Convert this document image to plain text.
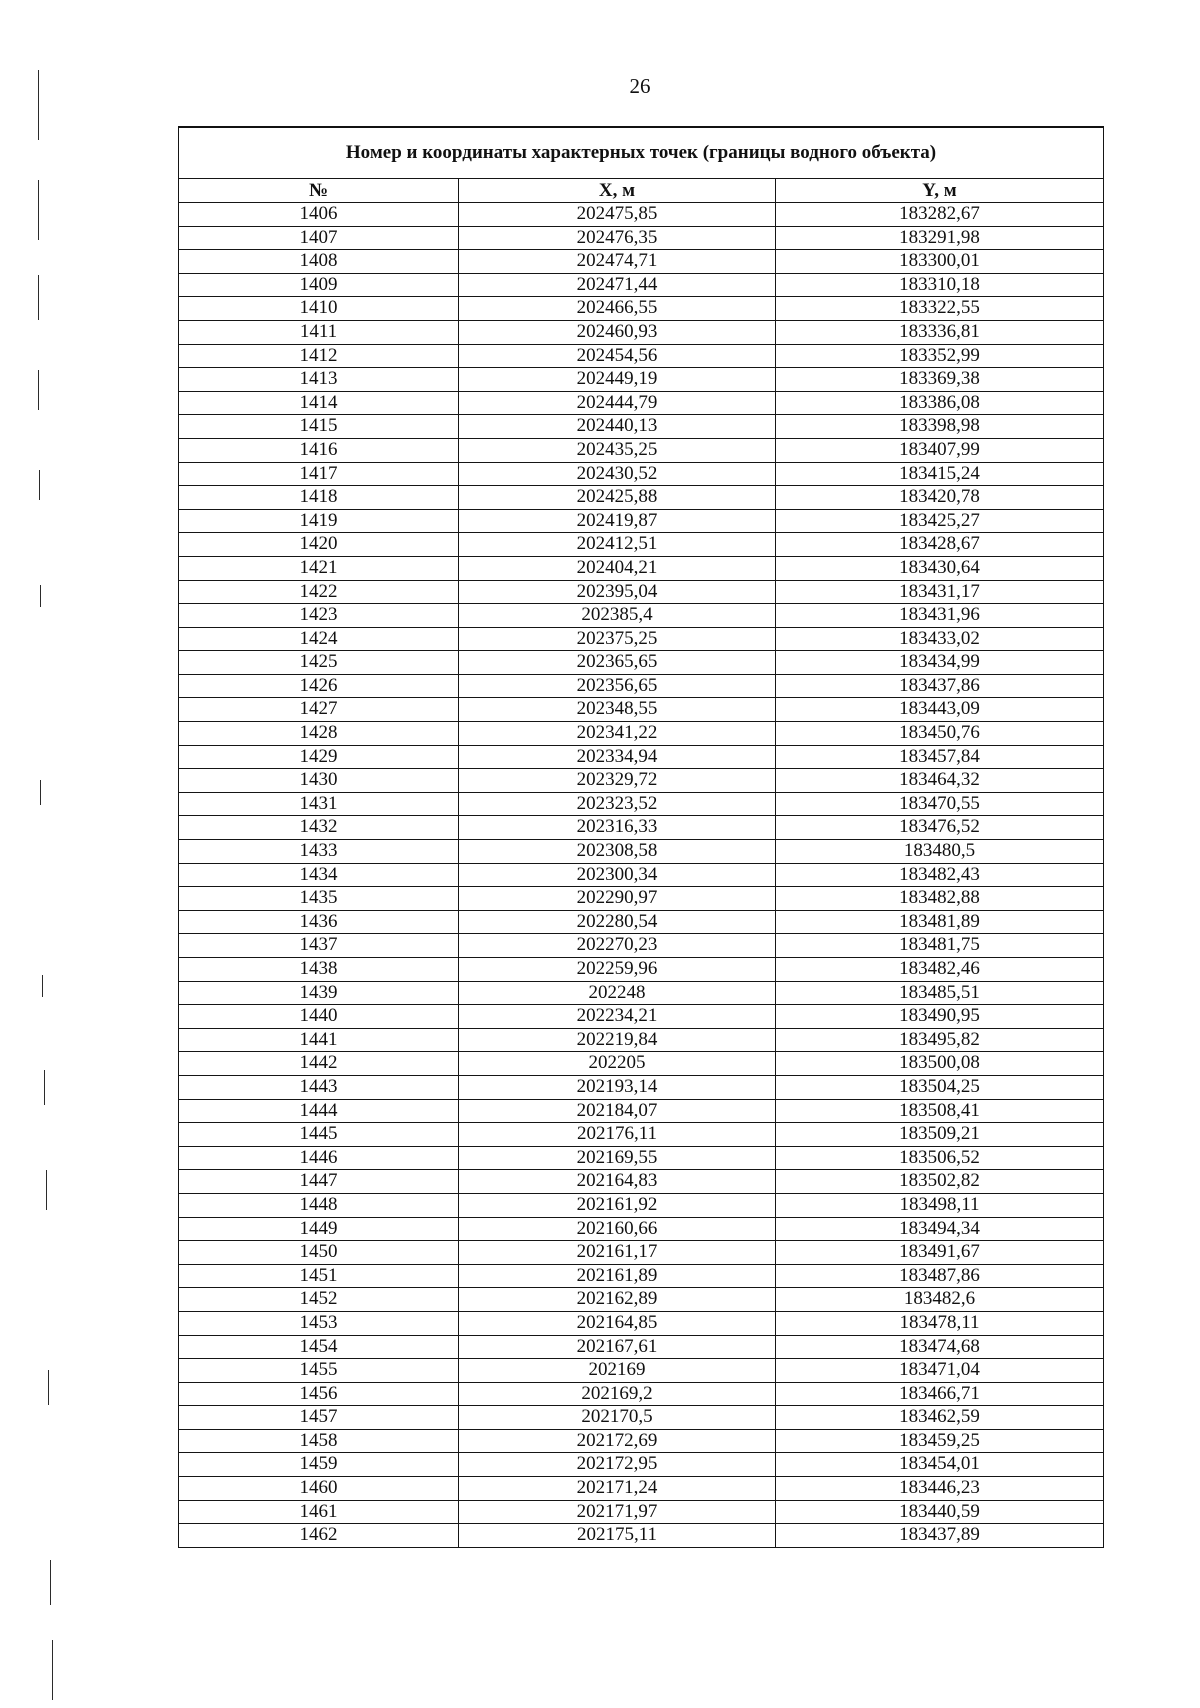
26
Номер и координаты характерных точек (границы водного объекта)		
№	X, м	Y, м
1406	202475,85	183282,67
1407	202476,35	183291,98
1408	202474,71	183300,01
1409	202471,44	183310,18
1410	202466,55	183322,55
1411	202460,93	183336,81
1412	202454,56	183352,99
1413	202449,19	183369,38
1414	202444,79	183386,08
1415	202440,13	183398,98
1416	202435,25	183407,99
1417	202430,52	183415,24
1418	202425,88	183420,78
1419	202419,87	183425,27
1420	202412,51	183428,67
1421	202404,21	183430,64
1422	202395,04	183431,17
1423	202385,4	183431,96
1424	202375,25	183433,02
1425	202365,65	183434,99
1426	202356,65	183437,86
1427	202348,55	183443,09
1428	202341,22	183450,76
1429	202334,94	183457,84
1430	202329,72	183464,32
1431	202323,52	183470,55
1432	202316,33	183476,52
1433	202308,58	183480,5
1434	202300,34	183482,43
1435	202290,97	183482,88
1436	202280,54	183481,89
1437	202270,23	183481,75
1438	202259,96	183482,46
1439	202248	183485,51
1440	202234,21	183490,95
1441	202219,84	183495,82
1442	202205	183500,08
1443	202193,14	183504,25
1444	202184,07	183508,41
1445	202176,11	183509,21
1446	202169,55	183506,52
1447	202164,83	183502,82
1448	202161,92	183498,11
1449	202160,66	183494,34
1450	202161,17	183491,67
1451	202161,89	183487,86
1452	202162,89	183482,6
1453	202164,85	183478,11
1454	202167,61	183474,68
1455	202169	183471,04
1456	202169,2	183466,71
1457	202170,5	183462,59
1458	202172,69	183459,25
1459	202172,95	183454,01
1460	202171,24	183446,23
1461	202171,97	183440,59
1462	202175,11	183437,89
